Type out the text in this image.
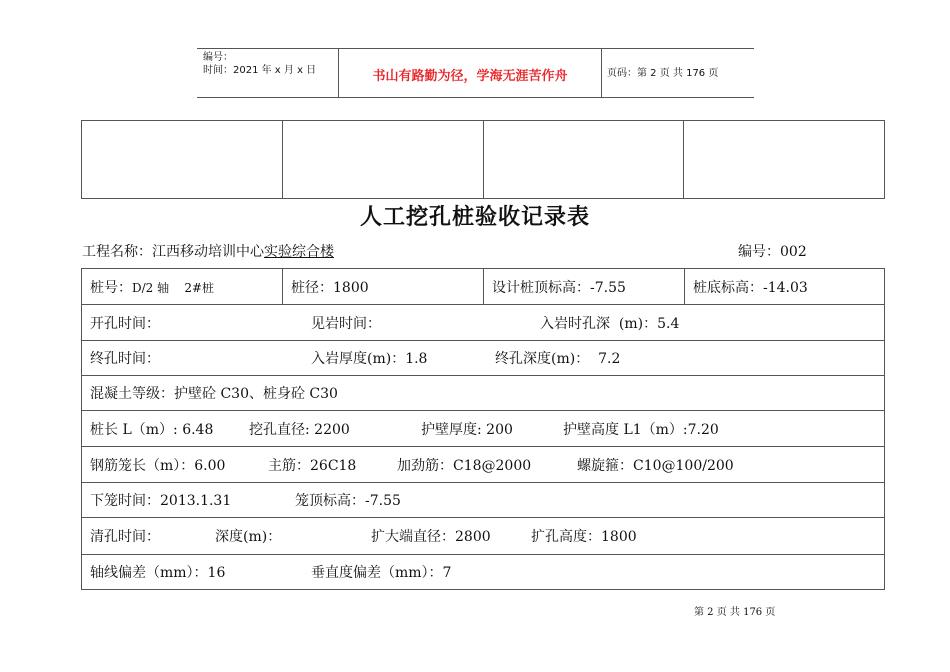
编号：
时间：2021 年 x 月 x 日	书山有路勤为径，学海无涯苦作舟	页码：第 2 页 共 176 页
人工挖孔桩验收记录表
工程名称：江西移动培训中心实验综合楼	编号：002
桩号：D/2 轴    2#桩	桩径：1800	设计桩顶标高：-7.55	桩底标高：-14.03
开孔时间：	见岩时间：	入岩时孔深  (m)：5.4
终孔时间：	入岩厚度(m)：1.8	终孔深度(m)：  7.2
混凝土等级：护壁砼 C30、桩身砼 C30
桩长 L（m）: 6.48	挖孔直径: 2200	护壁厚度: 200	护壁高度 L1（m）:7.20
钢筋笼长（m）：6.00	主筋：26C18	加劲筋：C18@2000	螺旋箍：C10@100/200
下笼时间：2013.1.31	笼顶标高：-7.55
清孔时间：	深度(m)：	扩大端直径：2800	扩孔高度：1800
轴线偏差（mm）：16	垂直度偏差（mm）：7
第 2 页 共 176 页
